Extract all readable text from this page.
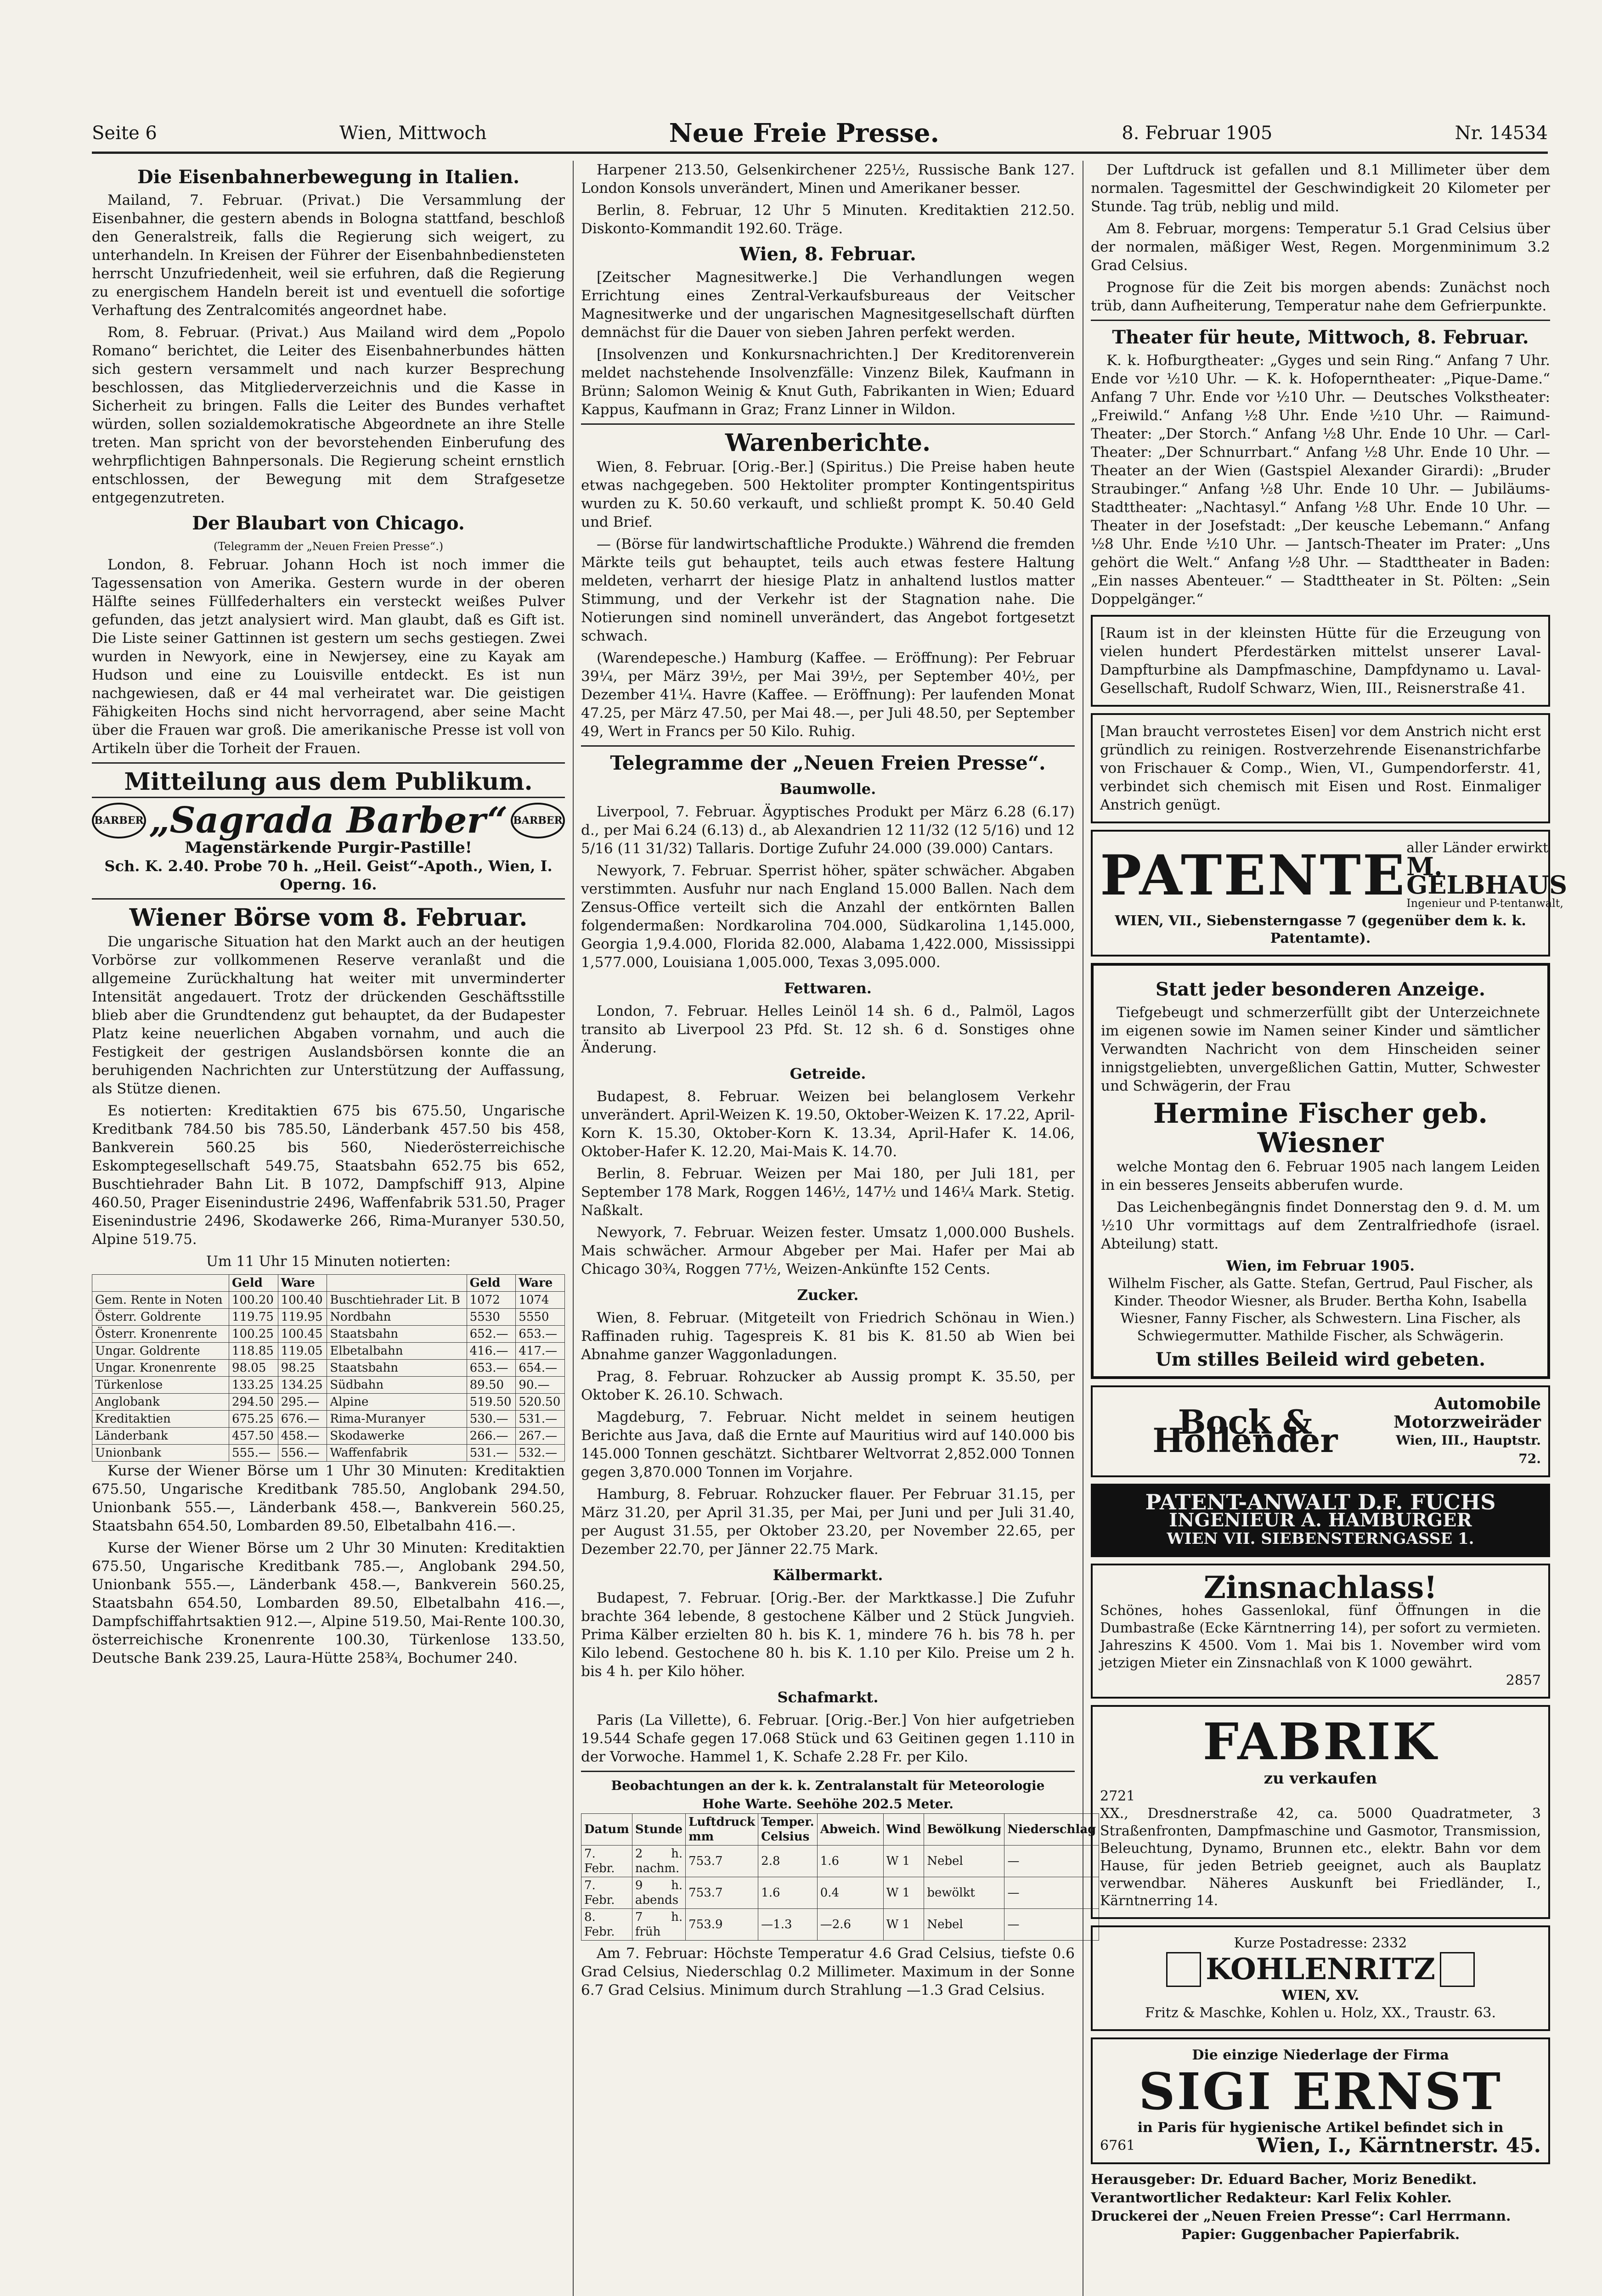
Seite 6	Wien, Mittwoch	Neue Freie Presse.	8. Februar 1905	Nr. 14534
Die Eisenbahnerbewegung in Italien.

Mailand, 7. Februar. (Privat.) Die Versammlung der Eisenbahner, die gestern abends in Bologna stattfand, beschloß den Generalstreik, falls die Regierung sich weigert, zu unterhandeln. In Kreisen der Führer der Eisenbahnbediensteten herrscht Unzufriedenheit, weil sie erfuhren, daß die Regierung zu energischem Handeln bereit ist und eventuell die sofortige Verhaftung des Zentralcomités angeordnet habe.

Rom, 8. Februar. (Privat.) Aus Mailand wird dem „Popolo Romano“ berichtet, die Leiter des Eisenbahnerbundes hätten sich gestern versammelt und nach kurzer Besprechung beschlossen, das Mitgliederverzeichnis und die Kasse in Sicherheit zu bringen. Falls die Leiter des Bundes verhaftet würden, sollen sozialdemokratische Abgeordnete an ihre Stelle treten. Man spricht von der bevorstehenden Einberufung des wehrpflichtigen Bahnpersonals. Die Regierung scheint ernstlich entschlossen, der Bewegung mit dem Strafgesetze entgegenzutreten.

Der Blaubart von Chicago.
(Telegramm der „Neuen Freien Presse“.)

London, 8. Februar. Johann Hoch ist noch immer die Tagessensation von Amerika. Gestern wurde in der oberen Hälfte seines Füllfederhalters ein versteckt weißes Pulver gefunden, das jetzt analysiert wird. Man glaubt, daß es Gift ist. Die Liste seiner Gattinnen ist gestern um sechs gestiegen. Zwei wurden in Newyork, eine in Newjersey, eine zu Kayak am Hudson und eine zu Louisville entdeckt. Es ist nun nachgewiesen, daß er 44 mal verheiratet war. Die geistigen Fähigkeiten Hochs sind nicht hervorragend, aber seine Macht über die Frauen war groß. Die amerikanische Presse ist voll von Artikeln über die Torheit der Frauen.

Mitteilung aus dem Publikum.
BARBER „Sagrada Barber“ BARBER
Magenstärkende Purgir-Pastille!
Sch. K. 2.40. Probe 70 h. „Heil. Geist“-Apoth., Wien, I. Operng. 16.
Wiener Börse vom 8. Februar.

Die ungarische Situation hat den Markt auch an der heutigen Vorbörse zur vollkommenen Reserve veranlaßt und die allgemeine Zurückhaltung hat weiter mit unverminderter Intensität angedauert. Trotz der drückenden Geschäftsstille blieb aber die Grundtendenz gut behauptet, da der Budapester Platz keine neuerlichen Abgaben vornahm, und auch die Festigkeit der gestrigen Auslandsbörsen konnte die an beruhigenden Nachrichten zur Unterstützung der Auffassung, als Stütze dienen.

Es notierten: Kreditaktien 675 bis 675.50, Ungarische Kreditbank 784.50 bis 785.50, Länderbank 457.50 bis 458, Bankverein 560.25 bis 560, Niederösterreichische Eskomptegesellschaft 549.75, Staatsbahn 652.75 bis 652, Buschtiehrader Bahn Lit. B 1072, Dampfschiff 913, Alpine 460.50, Prager Eisenindustrie 2496, Waffenfabrik 531.50, Prager Eisenindustrie 2496, Skodawerke 266, Rima-Muranyer 530.50, Alpine 519.75.

Um 11 Uhr 15 Minuten notierten:

	Geld	Ware		Geld	Ware
Gem. Rente in Noten	100.20	100.40	Buschtiehrader Lit. B	1072	1074
Österr. Goldrente	119.75	119.95	Nordbahn	5530	5550
Österr. Kronenrente	100.25	100.45	Staatsbahn	652.—	653.—
Ungar. Goldrente	118.85	119.05	Elbetalbahn	416.—	417.—
Ungar. Kronenrente	98.05	98.25	Staatsbahn	653.—	654.—
Türkenlose	133.25	134.25	Südbahn	89.50	90.—
Anglobank	294.50	295.—	Alpine	519.50	520.50
Kreditaktien	675.25	676.—	Rima-Muranyer	530.—	531.—
Länderbank	457.50	458.—	Skodawerke	266.—	267.—
Unionbank	555.—	556.—	Waffenfabrik	531.—	532.—

Kurse der Wiener Börse um 1 Uhr 30 Minuten: Kreditaktien 675.50, Ungarische Kreditbank 785.50, Anglobank 294.50, Unionbank 555.—, Länderbank 458.—, Bankverein 560.25, Staatsbahn 654.50, Lombarden 89.50, Elbetalbahn 416.—.

Kurse der Wiener Börse um 2 Uhr 30 Minuten: Kreditaktien 675.50, Ungarische Kreditbank 785.—, Anglobank 294.50, Unionbank 555.—, Länderbank 458.—, Bankverein 560.25, Staatsbahn 654.50, Lombarden 89.50, Elbetalbahn 416.—, Dampfschiffahrtsaktien 912.—, Alpine 519.50, Mai-Rente 100.30, österreichische Kronenrente 100.30, Türkenlose 133.50, Deutsche Bank 239.25, Laura-Hütte 258¾, Bochumer 240.

Harpener 213.50, Gelsenkirchener 225½, Russische Bank 127. London Konsols unverändert, Minen und Amerikaner besser.

Berlin, 8. Februar, 12 Uhr 5 Minuten. Kreditaktien 212.50. Diskonto-Kommandit 192.60. Träge.

Wien, 8. Februar.

[Zeitscher Magnesitwerke.] Die Verhandlungen wegen Errichtung eines Zentral-Verkaufsbureaus der Veitscher Magnesitwerke und der ungarischen Magnesitgesellschaft dürften demnächst für die Dauer von sieben Jahren perfekt werden.

[Insolvenzen und Konkursnachrichten.] Der Kreditorenverein meldet nachstehende Insolvenzfälle: Vinzenz Bilek, Kaufmann in Brünn; Salomon Weinig & Knut Guth, Fabrikanten in Wien; Eduard Kappus, Kaufmann in Graz; Franz Linner in Wildon.

Warenberichte.

Wien, 8. Februar. [Orig.-Ber.] (Spiritus.) Die Preise haben heute etwas nachgegeben. 500 Hektoliter prompter Kontingentspiritus wurden zu K. 50.60 verkauft, und schließt prompt K. 50.40 Geld und Brief.

— (Börse für landwirtschaftliche Produkte.) Während die fremden Märkte teils gut behauptet, teils auch etwas festere Haltung meldeten, verharrt der hiesige Platz in anhaltend lustlos matter Stimmung, und der Verkehr ist der Stagnation nahe. Die Notierungen sind nominell unverändert, das Angebot fortgesetzt schwach.

(Warendepesche.) Hamburg (Kaffee. — Eröffnung): Per Februar 39¼, per März 39½, per Mai 39½, per September 40½, per Dezember 41¼. Havre (Kaffee. — Eröffnung): Per laufenden Monat 47.25, per März 47.50, per Mai 48.—, per Juli 48.50, per September 49, Wert in Francs per 50 Kilo. Ruhig.

Telegramme der „Neuen Freien Presse“.
Baumwolle.

Liverpool, 7. Februar. Ägyptisches Produkt per März 6.28 (6.17) d., per Mai 6.24 (6.13) d., ab Alexandrien 12 11/32 (12 5/16) und 12 5/16 (11 31/32) Tallaris. Dortige Zufuhr 24.000 (39.000) Cantars.

Newyork, 7. Februar. Sperrist höher, später schwächer. Abgaben verstimmten. Ausfuhr nur nach England 15.000 Ballen. Nach dem Zensus-Office verteilt sich die Anzahl der entkörnten Ballen folgendermaßen: Nordkarolina 704.000, Südkarolina 1,145.000, Georgia 1,9.4.000, Florida 82.000, Alabama 1,422.000, Mississippi 1,577.000, Louisiana 1,005.000, Texas 3,095.000.

Fettwaren.

London, 7. Februar. Helles Leinöl 14 sh. 6 d., Palmöl, Lagos transito ab Liverpool 23 Pfd. St. 12 sh. 6 d. Sonstiges ohne Änderung.

Getreide.

Budapest, 8. Februar. Weizen bei belanglosem Verkehr unverändert. April-Weizen K. 19.50, Oktober-Weizen K. 17.22, April-Korn K. 15.30, Oktober-Korn K. 13.34, April-Hafer K. 14.06, Oktober-Hafer K. 12.20, Mai-Mais K. 14.70.

Berlin, 8. Februar. Weizen per Mai 180, per Juli 181, per September 178 Mark, Roggen 146½, 147½ und 146¼ Mark. Stetig. Naßkalt.

Newyork, 7. Februar. Weizen fester. Umsatz 1,000.000 Bushels. Mais schwächer. Armour Abgeber per Mai. Hafer per Mai ab Chicago 30¾, Roggen 77½, Weizen-Ankünfte 152 Cents.

Zucker.

Wien, 8. Februar. (Mitgeteilt von Friedrich Schönau in Wien.) Raffinaden ruhig. Tagespreis K. 81 bis K. 81.50 ab Wien bei Abnahme ganzer Waggonladungen.

Prag, 8. Februar. Rohzucker ab Aussig prompt K. 35.50, per Oktober K. 26.10. Schwach.

Magdeburg, 7. Februar. Nicht meldet in seinem heutigen Berichte aus Java, daß die Ernte auf Mauritius wird auf 140.000 bis 145.000 Tonnen geschätzt. Sichtbarer Weltvorrat 2,852.000 Tonnen gegen 3,870.000 Tonnen im Vorjahre.

Hamburg, 8. Februar. Rohzucker flauer. Per Februar 31.15, per März 31.20, per April 31.35, per Mai, per Juni und per Juli 31.40, per August 31.55, per Oktober 23.20, per November 22.65, per Dezember 22.70, per Jänner 22.75 Mark.

Kälbermarkt.

Budapest, 7. Februar. [Orig.-Ber. der Marktkasse.] Die Zufuhr brachte 364 lebende, 8 gestochene Kälber und 2 Stück Jungvieh. Prima Kälber erzielten 80 h. bis K. 1, mindere 76 h. bis 78 h. per Kilo lebend. Gestochene 80 h. bis K. 1.10 per Kilo. Preise um 2 h. bis 4 h. per Kilo höher.

Schafmarkt.

Paris (La Villette), 6. Februar. [Orig.-Ber.] Von hier aufgetrieben 19.544 Schafe gegen 17.068 Stück und 63 Geitinen gegen 1.110 in der Vorwoche. Hammel 1, K. Schafe 2.28 Fr. per Kilo.

Beobachtungen an der k. k. Zentralanstalt für Meteorologie
Hohe Warte. Seehöhe 202.5 Meter.
Datum	Stunde	Luftdruck mm	Temper. Celsius	Abweich.	Wind	Bewölkung	Niederschlag
7. Febr.	2 h. nachm.	753.7	2.8	1.6	W 1	Nebel	—
7. Febr.	9 h. abends	753.7	1.6	0.4	W 1	bewölkt	—
8. Febr.	7 h. früh	753.9	—1.3	—2.6	W 1	Nebel	—

Am 7. Februar: Höchste Temperatur 4.6 Grad Celsius, tiefste 0.6 Grad Celsius, Niederschlag 0.2 Millimeter. Maximum in der Sonne 6.7 Grad Celsius. Minimum durch Strahlung —1.3 Grad Celsius.

Der Luftdruck ist gefallen und 8.1 Millimeter über dem normalen. Tagesmittel der Geschwindigkeit 20 Kilometer per Stunde. Tag trüb, neblig und mild.

Am 8. Februar, morgens: Temperatur 5.1 Grad Celsius über der normalen, mäßiger West, Regen. Morgenminimum 3.2 Grad Celsius.

Prognose für die Zeit bis morgen abends: Zunächst noch trüb, dann Aufheiterung, Temperatur nahe dem Gefrierpunkte.

Theater für heute, Mittwoch, 8. Februar.

K. k. Hofburgtheater: „Gyges und sein Ring.“ Anfang 7 Uhr. Ende vor ½10 Uhr. — K. k. Hofoperntheater: „Pique-Dame.“ Anfang 7 Uhr. Ende vor ½10 Uhr. — Deutsches Volkstheater: „Freiwild.“ Anfang ½8 Uhr. Ende ½10 Uhr. — Raimund-Theater: „Der Storch.“ Anfang ½8 Uhr. Ende 10 Uhr. — Carl-Theater: „Der Schnurrbart.“ Anfang ½8 Uhr. Ende 10 Uhr. — Theater an der Wien (Gastspiel Alexander Girardi): „Bruder Straubinger.“ Anfang ½8 Uhr. Ende 10 Uhr. — Jubiläums-Stadttheater: „Nachtasyl.“ Anfang ½8 Uhr. Ende 10 Uhr. — Theater in der Josefstadt: „Der keusche Lebemann.“ Anfang ½8 Uhr. Ende ½10 Uhr. — Jantsch-Theater im Prater: „Uns gehört die Welt.“ Anfang ½8 Uhr. — Stadttheater in Baden: „Ein nasses Abenteuer.“ — Stadttheater in St. Pölten: „Sein Doppelgänger.“

[Raum ist in der kleinsten Hütte für die Erzeugung von vielen hundert Pferdestärken mittelst unserer Laval-Dampfturbine als Dampfmaschine, Dampfdynamo u. Laval-Gesellschaft, Rudolf Schwarz, Wien, III., Reisnerstraße 41.
[Man braucht verrostetes Eisen] vor dem Anstrich nicht erst gründlich zu reinigen. Rostverzehrende Eisenanstrichfarbe von Frischauer & Comp., Wien, VI., Gumpendorferstr. 41, verbindet sich chemisch mit Eisen und Rost. Einmaliger Anstrich genügt.
PATENTE aller Länder erwirkt
M. GELBHAUS
Ingenieur und P-tentanwalt,
WIEN, VII., Siebensterngasse 7 (gegenüber dem k. k. Patentamte).
Statt jeder besonderen Anzeige.

Tiefgebeugt und schmerzerfüllt gibt der Unterzeichnete im eigenen sowie im Namen seiner Kinder und sämtlicher Verwandten Nachricht von dem Hinscheiden seiner innigstgeliebten, unvergeßlichen Gattin, Mutter, Schwester und Schwägerin, der Frau

Hermine Fischer geb. Wiesner

welche Montag den 6. Februar 1905 nach langem Leiden in ein besseres Jenseits abberufen wurde.

Das Leichenbegängnis findet Donnerstag den 9. d. M. um ½10 Uhr vormittags auf dem Zentralfriedhofe (israel. Abteilung) statt.

Wien, im Februar 1905.
Wilhelm Fischer, als Gatte. Stefan, Gertrud, Paul Fischer, als Kinder. Theodor Wiesner, als Bruder. Bertha Kohn, Isabella Wiesner, Fanny Fischer, als Schwestern. Lina Fischer, als Schwiegermutter. Mathilde Fischer, als Schwägerin.
Um stilles Beileid wird gebeten.
Bock & Hollender
Automobile
Motorzweiräder
Wien, III., Hauptstr. 72.
PATENT-ANWALT D.F. FUCHS
INGENIEUR A. HAMBURGER
WIEN VII. SIEBENSTERNGASSE 1.
Zinsnachlass!
Schönes, hohes Gassenlokal, fünf Öffnungen in die Dumbastraße (Ecke Kärntnerring 14), per sofort zu vermieten. Jahreszins K 4500. Vom 1. Mai bis 1. November wird vom jetzigen Mieter ein Zinsnachlaß von K 1000 gewährt.
2857
FABRIK
zu verkaufen
2721
XX., Dresdnerstraße 42, ca. 5000 Quadratmeter, 3 Straßenfronten, Dampfmaschine und Gasmotor, Transmission, Beleuchtung, Dynamo, Brunnen etc., elektr. Bahn vor dem Hause, für jeden Betrieb geeignet, auch als Bauplatz verwendbar. Näheres Auskunft bei Friedländer, I., Kärntnerring 14.
Kurze Postadresse: 2332
KOHLENRITZ
WIEN, XV.
Fritz & Maschke, Kohlen u. Holz, XX., Traustr. 63.
Die einzige Niederlage der Firma
SIGI ERNST
in Paris für hygienische Artikel befindet sich in
6761	Wien, I., Kärntnerstr. 45.
Herausgeber: Dr. Eduard Bacher, Moriz Benedikt.
Verantwortlicher Redakteur: Karl Felix Kohler.
Druckerei der „Neuen Freien Presse“: Carl Herrmann.
Papier: Guggenbacher Papierfabrik.
